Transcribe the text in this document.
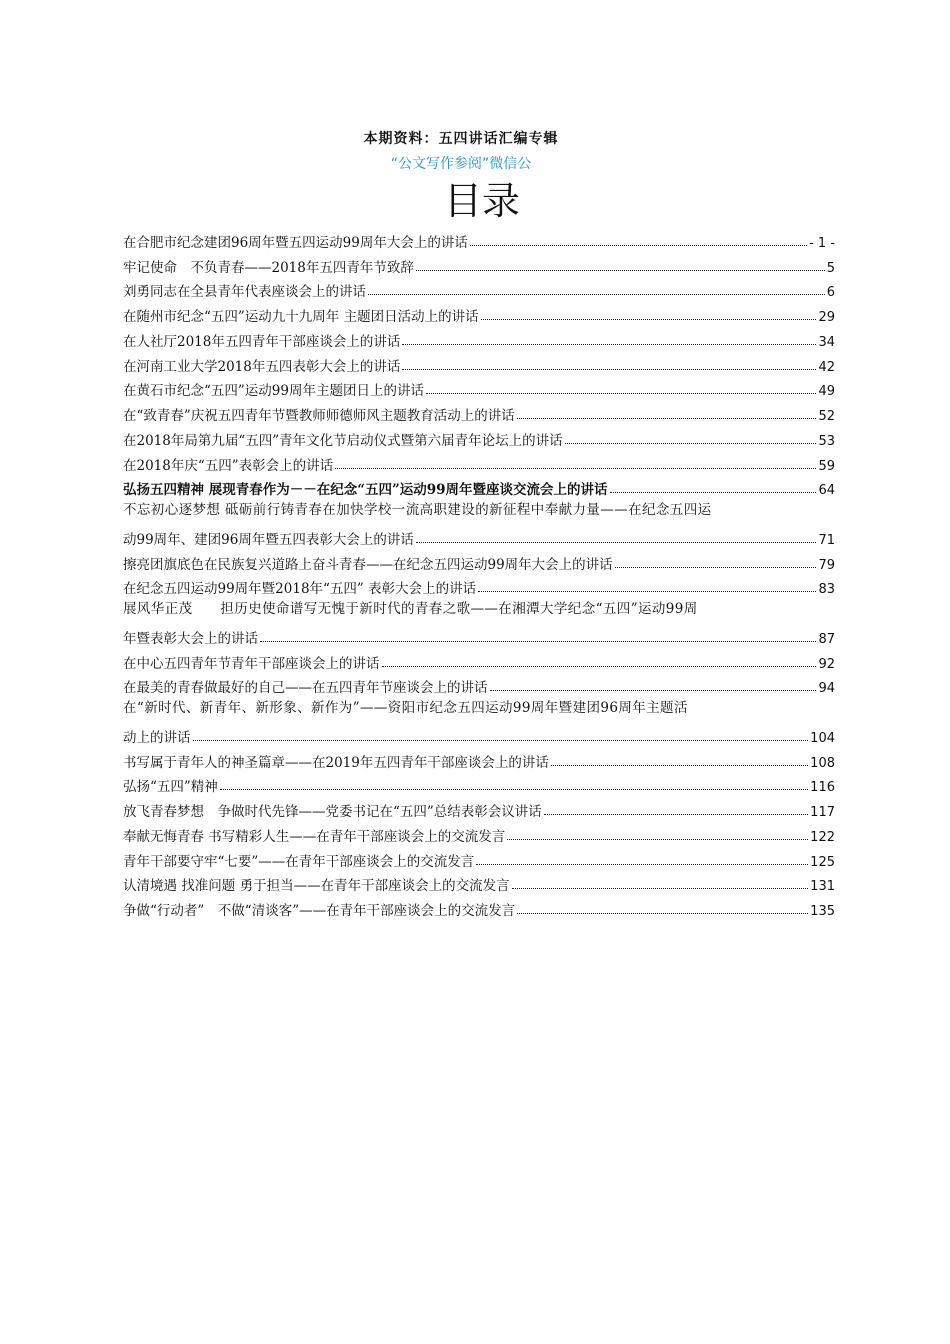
本期资料：五四讲话汇编专辑
“公文写作参阅”微信公
目录
在合肥市纪念建团96周年暨五四运动99周年大会上的讲话	- 1 -
牢记使命　不负青春——2018年五四青年节致辞	5
刘勇同志在全县青年代表座谈会上的讲话	6
在随州市纪念“五四”运动九十九周年 主题团日活动上的讲话	29
在人社厅2018年五四青年干部座谈会上的讲话	34
在河南工业大学2018年五四表彰大会上的讲话	42
在黄石市纪念“五四”运动99周年主题团日上的讲话	49
在“致青春”庆祝五四青年节暨教师师德师风主题教育活动上的讲话	52
在2018年局第九届“五四”青年文化节启动仪式暨第六届青年论坛上的讲话	53
在2018年庆“五四”表彰会上的讲话	59
弘扬五四精神 展现青春作为－－在纪念“五四”运动99周年暨座谈交流会上的讲话	64
不忘初心逐梦想 砥砺前行铸青春在加快学校一流高职建设的新征程中奉献力量——在纪念五四运
动99周年、建团96周年暨五四表彰大会上的讲话	71
擦亮团旗底色在民族复兴道路上奋斗青春——在纪念五四运动99周年大会上的讲话	79
在纪念五四运动99周年暨2018年“五四” 表彰大会上的讲话	83
展风华正茂　　担历史使命谱写无愧于新时代的青春之歌——在湘潭大学纪念“五四”运动99周
年暨表彰大会上的讲话	87
在中心五四青年节青年干部座谈会上的讲话	92
在最美的青春做最好的自己——在五四青年节座谈会上的讲话	94
在“新时代、新青年、新形象、新作为”——资阳市纪念五四运动99周年暨建团96周年主题活
动上的讲话	104
书写属于青年人的神圣篇章——在2019年五四青年干部座谈会上的讲话	108
弘扬“五四”精神	116
放飞青春梦想　争做时代先锋——党委书记在“五四”总结表彰会议讲话	117
奉献无悔青春 书写精彩人生——在青年干部座谈会上的交流发言	122
青年干部要守牢“七要”——在青年干部座谈会上的交流发言	125
认清境遇 找准问题 勇于担当——在青年干部座谈会上的交流发言	131
争做“行动者”　不做“清谈客”——在青年干部座谈会上的交流发言	135
